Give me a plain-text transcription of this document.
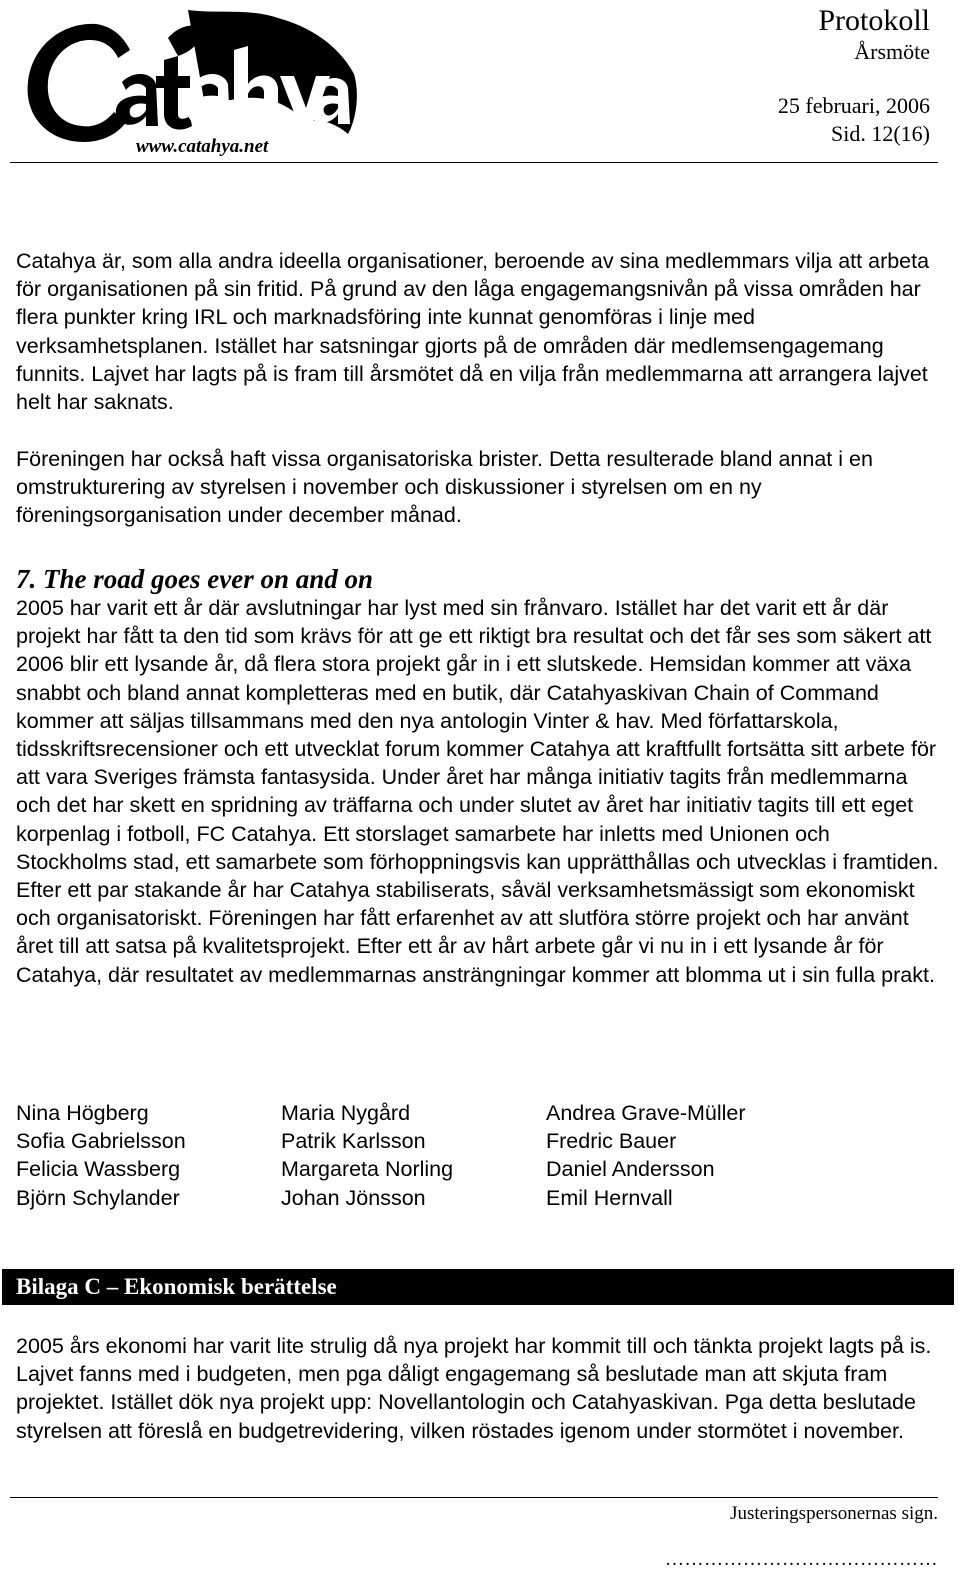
www.catahya.net
Protokoll
Årsmöte
25 februari, 2006
Sid. 12(16)

Catahya är, som alla andra ideella organisationer, beroende av sina medlemmars vilja att arbeta för organisationen på sin fritid. På grund av den låga engagemangsnivån på vissa områden har flera punkter kring IRL och marknadsföring inte kunnat genomföras i linje med verksamhetsplanen. Istället har satsningar gjorts på de områden där medlemsengagemang funnits. Lajvet har lagts på is fram till årsmötet då en vilja från medlemmarna att arrangera lajvet helt har saknats.

Föreningen har också haft vissa organisatoriska brister. Detta resulterade bland annat i en omstrukturering av styrelsen i november och diskussioner i styrelsen om en ny föreningsorganisation under december månad.

7. The road goes ever on and on

2005 har varit ett år där avslutningar har lyst med sin frånvaro. Istället har det varit ett år där projekt har fått ta den tid som krävs för att ge ett riktigt bra resultat och det får ses som säkert att 2006 blir ett lysande år, då flera stora projekt går in i ett slutskede. Hemsidan kommer att växa snabbt och bland annat kompletteras med en butik, där Catahyaskivan Chain of Command kommer att säljas tillsammans med den nya antologin Vinter & hav. Med författarskola, tidsskriftsrecensioner och ett utvecklat forum kommer Catahya att kraftfullt fortsätta sitt arbete för att vara Sveriges främsta fantasysida. Under året har många initiativ tagits från medlemmarna och det har skett en spridning av träffarna och under slutet av året har initiativ tagits till ett eget korpenlag i fotboll, FC Catahya. Ett storslaget samarbete har inletts med Unionen och Stockholms stad, ett samarbete som förhoppningsvis kan upprätthållas och utvecklas i framtiden. Efter ett par stakande år har Catahya stabiliserats, såväl verksamhetsmässigt som ekonomiskt och organisatoriskt. Föreningen har fått erfarenhet av att slutföra större projekt och har använt året till att satsa på kvalitetsprojekt. Efter ett år av hårt arbete går vi nu in i ett lysande år för Catahya, där resultatet av medlemmarnas ansträngningar kommer att blomma ut i sin fulla prakt.

Nina Högberg
Sofia Gabrielsson
Felicia Wassberg
Björn Schylander
Maria Nygård
Patrik Karlsson
Margareta Norling
Johan Jönsson
Andrea Grave-Müller
Fredric Bauer
Daniel Andersson
Emil Hernvall
Bilaga C – Ekonomisk berättelse

2005 års ekonomi har varit lite strulig då nya projekt har kommit till och tänkta projekt lagts på is. Lajvet fanns med i budgeten, men pga dåligt engagemang så beslutade man att skjuta fram projektet. Istället dök nya projekt upp: Novellantologin och Catahyaskivan. Pga detta beslutade styrelsen att föreslå en budgetrevidering, vilken röstades igenom under stormötet i november.

Justeringspersonernas sign.
……………………………………
